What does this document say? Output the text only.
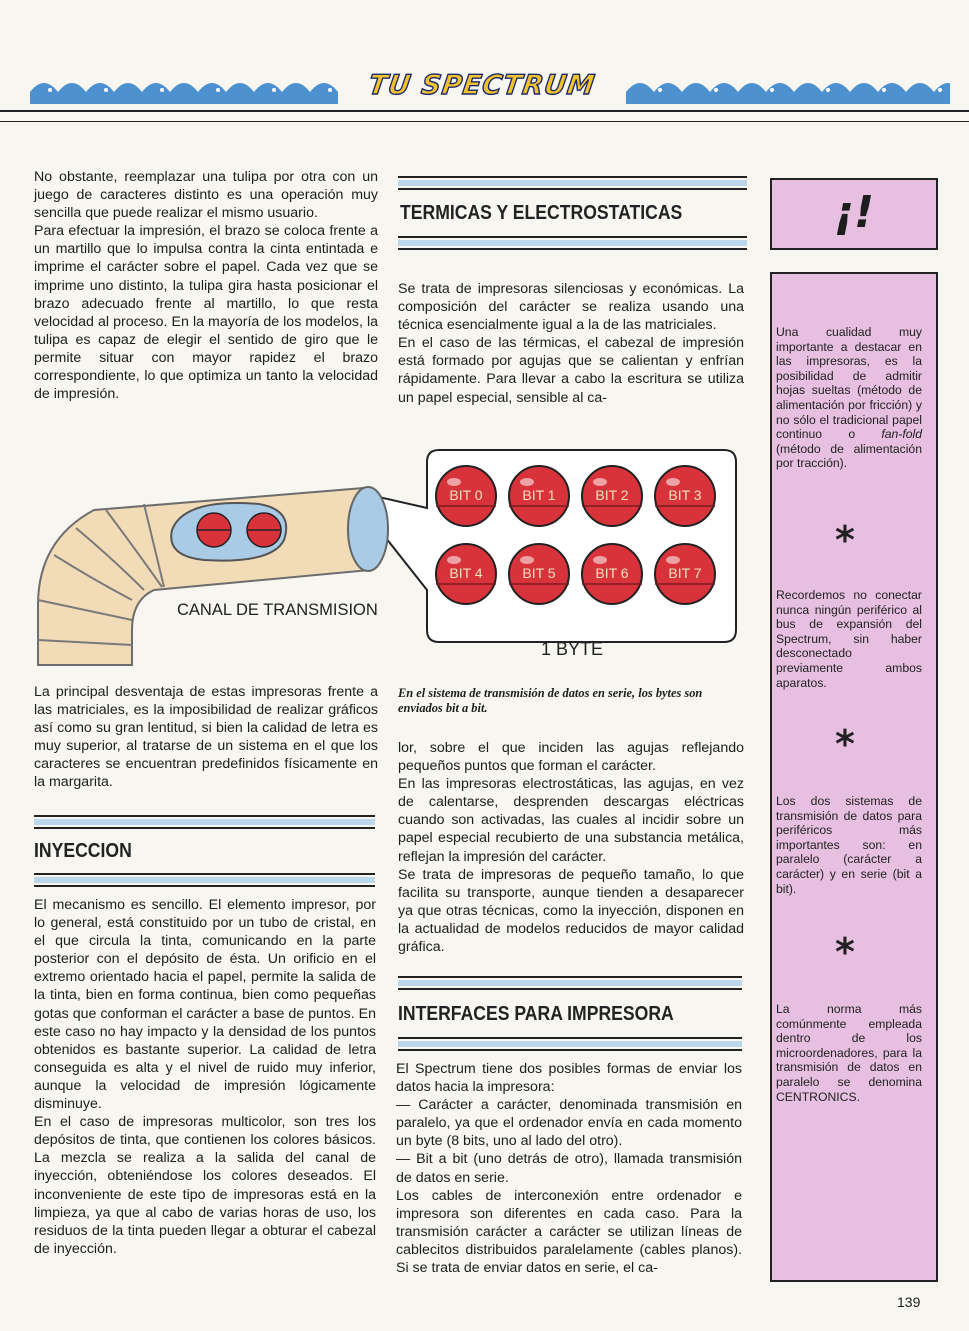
TU SPECTRUM

No obstante, reemplazar una tulipa por otra con un juego de caracteres distinto es una operación muy sencilla que puede realizar el mismo usuario.

Para efectuar la impresión, el brazo se coloca frente a un martillo que lo impulsa contra la cinta entintada e imprime el carácter sobre el papel. Cada vez que se imprime uno distinto, la tulipa gira hasta posicionar el brazo adecuado frente al martillo, lo que resta velocidad al proceso. En la mayoría de los modelos, la tulipa es capaz de elegir el sentido de giro que le permite situar con mayor rapidez el brazo correspondiente, lo que optimiza un tanto la velocidad de impresión.

La principal desventaja de estas impresoras frente a las matriciales, es la imposibilidad de realizar gráficos así como su gran lentitud, si bien la calidad de letra es muy superior, al tratarse de un sistema en el que los caracteres se encuentran predefinidos físicamente en la margarita.

INYECCION

El mecanismo es sencillo. El elemento impresor, por lo general, está constituido por un tubo de cristal, en el que circula la tinta, comunicando en la parte posterior con el depósito de ésta. Un orificio en el extremo orientado hacia el papel, permite la salida de la tinta, bien en forma continua, bien como pequeñas gotas que conforman el carácter a base de puntos. En este caso no hay impacto y la densidad de los puntos obtenidos es bastante superior. La calidad de letra conseguida es alta y el nivel de ruido muy inferior, aunque la velocidad de impresión lógicamente disminuye.

En el caso de impresoras multicolor, son tres los depósitos de tinta, que contienen los colores básicos. La mezcla se realiza a la salida del canal de inyección, obteniéndose los colores deseados. El inconveniente de este tipo de impresoras está en la limpieza, ya que al cabo de varias horas de uso, los residuos de la tinta pueden llegar a obturar el cabezal de inyección.

TERMICAS Y ELECTROSTATICAS

Se trata de impresoras silenciosas y económicas. La composición del carácter se realiza usando una técnica esencialmente igual a la de las matriciales.

En el caso de las térmicas, el cabezal de impresión está formado por agujas que se calientan y enfrían rápidamente. Para llevar a cabo la escritura se utiliza un papel especial, sensible al ca-

CANAL DE TRANSMISION
BIT 0	BIT 1	BIT 2	BIT 3
BIT 4	BIT 5	BIT 6	BIT 7
1 BYTE
En el sistema de transmisión de datos en serie, los bytes son enviados bit a bit.

lor, sobre el que inciden las agujas reflejando pequeños puntos que forman el carácter.

En las impresoras electrostáticas, las agujas, en vez de calentarse, desprenden descargas eléctricas cuando son activadas, las cuales al incidir sobre un papel especial recubierto de una substancia metálica, reflejan la impresión del carácter.

Se trata de impresoras de pequeño tamaño, lo que facilita su transporte, aunque tienden a desaparecer ya que otras técnicas, como la inyección, disponen en la actualidad de modelos reducidos de mayor calidad gráfica.

INTERFACES PARA IMPRESORA

El Spectrum tiene dos posibles formas de enviar los datos hacia la impresora:

— Carácter a carácter, denominada transmisión en paralelo, ya que el ordenador envía en cada momento un byte (8 bits, uno al lado del otro).

— Bit a bit (uno detrás de otro), llamada transmisión de datos en serie.

Los cables de interconexión entre ordenador e impresora son diferentes en cada caso. Para la transmisión carácter a carácter se utilizan líneas de cablecitos distribuidos paralelamente (cables planos). Si se trata de enviar datos en serie, el ca-

¡!
Una cualidad muy importante a destacar en las impresoras, es la posibilidad de admitir hojas sueltas (método de alimentación por fricción) y no sólo el tradicional papel continuo o fan-fold (método de alimentación por tracción).
*
Recordemos no conectar nunca ningún periférico al bus de expansión del Spectrum, sin haber desconectado previamente ambos aparatos.
*
Los dos sistemas de transmisión de datos para periféricos más importantes son: en paralelo (carácter a carácter) y en serie (bit a bit).
*
La norma más comúnmente empleada dentro de los microordenadores, para la transmisión de datos en paralelo se denomina CENTRONICS.
139
